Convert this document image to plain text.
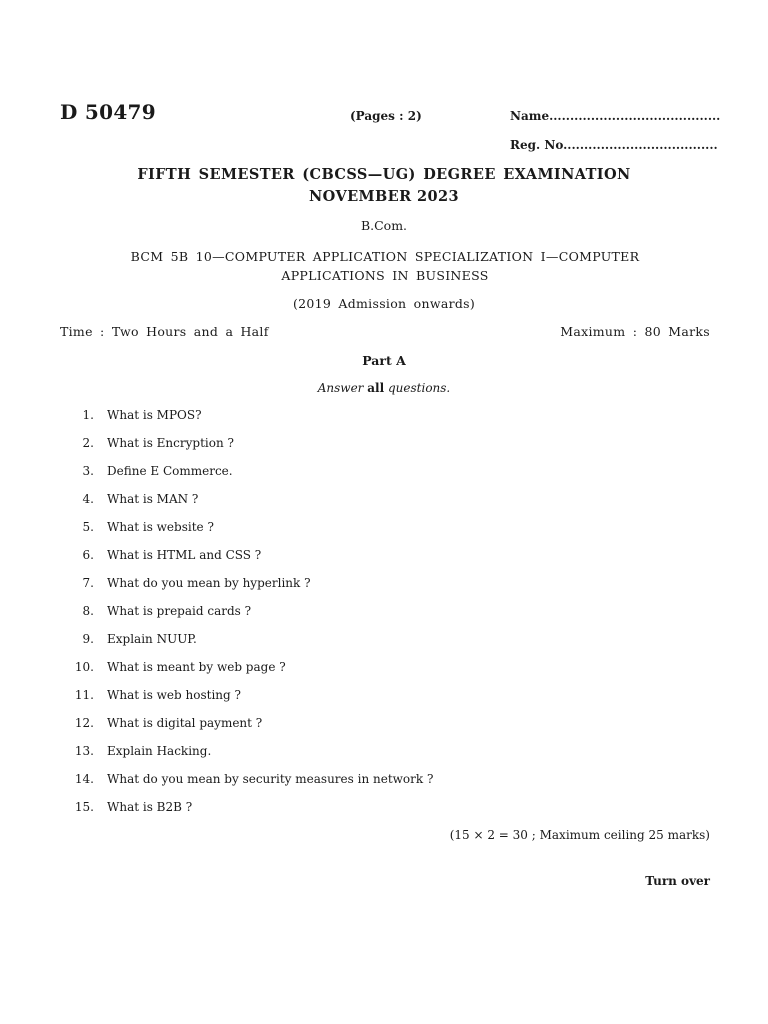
D 50479	(Pages : 2)	Name.........................................
Reg. No.....................................
FIFTH SEMESTER (CBCSS—UG) DEGREE EXAMINATION
NOVEMBER 2023
B.Com.
BCM 5B 10—COMPUTER APPLICATION SPECIALIZATION I—COMPUTER
APPLICATIONS IN BUSINESS
(2019 Admission onwards)
Time : Two Hours and a Half	Maximum : 80 Marks
Part A
Answer all questions.
1. What is MPOS?
2. What is Encryption ?
3. Define E Commerce.
4. What is MAN ?
5. What is website ?
6. What is HTML and CSS ?
7. What do you mean by hyperlink ?
8. What is prepaid cards ?
9. Explain NUUP.
10. What is meant by web page ?
11. What is web hosting ?
12. What is digital payment ?
13. Explain Hacking.
14. What do you mean by security measures in network ?
15. What is B2B ?
(15 × 2 = 30 ; Maximum ceiling 25 marks)
Turn over
